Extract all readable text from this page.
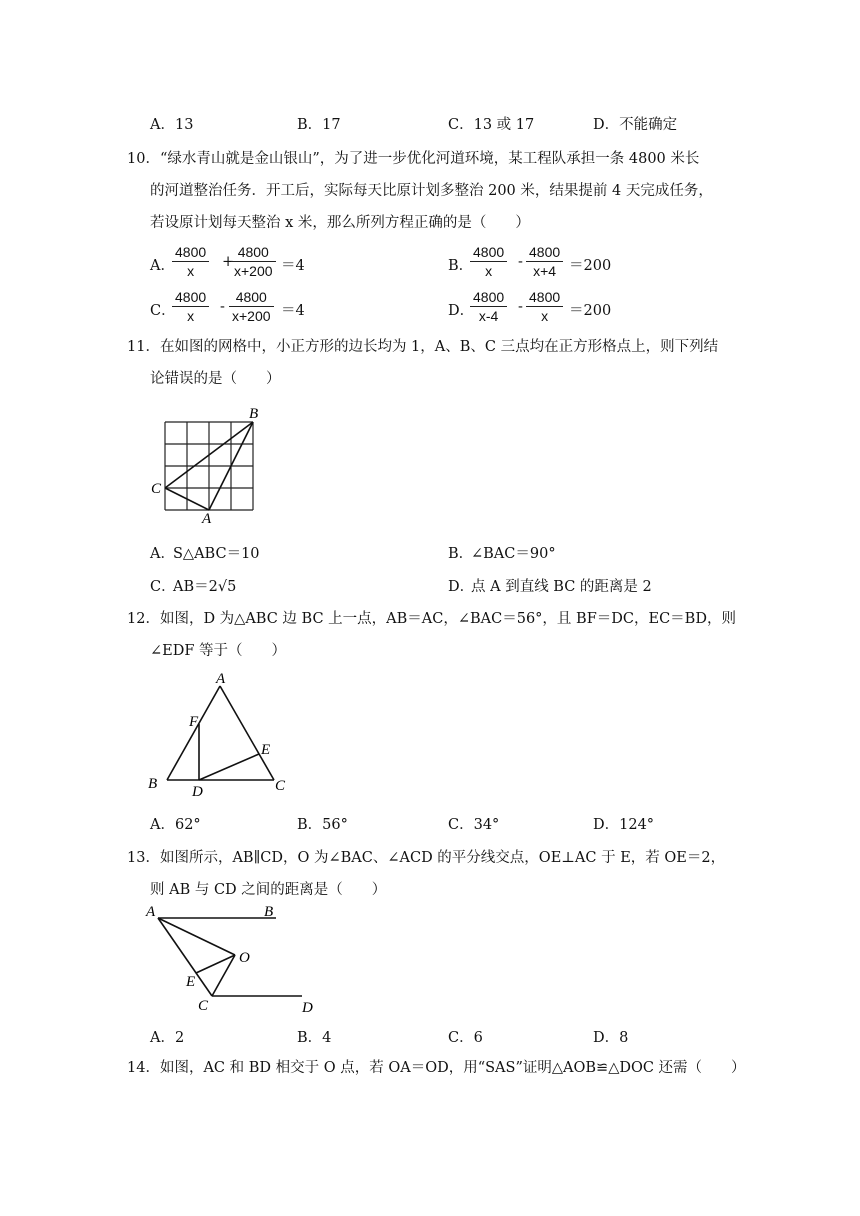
A．13	B．17	C．13 或 17	D．不能确定
10．“绿水青山就是金山银山”，为了进一步优化河道环境，某工程队承担一条 4800 米长
的河道整治任务．开工后，实际每天比原计划多整治 200 米，结果提前 4 天完成任务，
若设原计划每天整治 x 米，那么所列方程正确的是（　　）
A．
4800
x
+
4800
x+200 ＝4	B．
4800
x
-
4800
x+4 ＝200
C．
4800
x
-
4800
x+200 ＝4	D．
4800
x-4
-
4800
x	＝200
11．在如图的网格中，小正方形的边长均为 1，A、B、C 三点均在正方形格点上，则下列结
论错误的是（　　）
B
C
A
A．
S△ABC＝10	B．
∠BAC＝90°
C．
AB＝2√5	D．
点 A 到直线 BC 的距离是 2
12．如图，D 为△ABC 边 BC 上一点，AB＝AC，∠BAC＝56°，且 BF＝DC，EC＝BD，则
∠EDF 等于（　　）
A
F
E
B D	C
A．62°	B．56°	C．34°	D．124°
13．如图所示，AB∥CD，O 为∠BAC、∠ACD 的平分线交点，OE⊥AC 于 E，若 OE＝2，
则 AB 与 CD 之间的距离是（　　）
A	B
O
E
C	D
A．2	B．4	C．6	D．8
14．如图，AC 和 BD 相交于 O 点，若 OA＝OD，用“SAS”证明△AOB≌△DOC 还需（　　）
